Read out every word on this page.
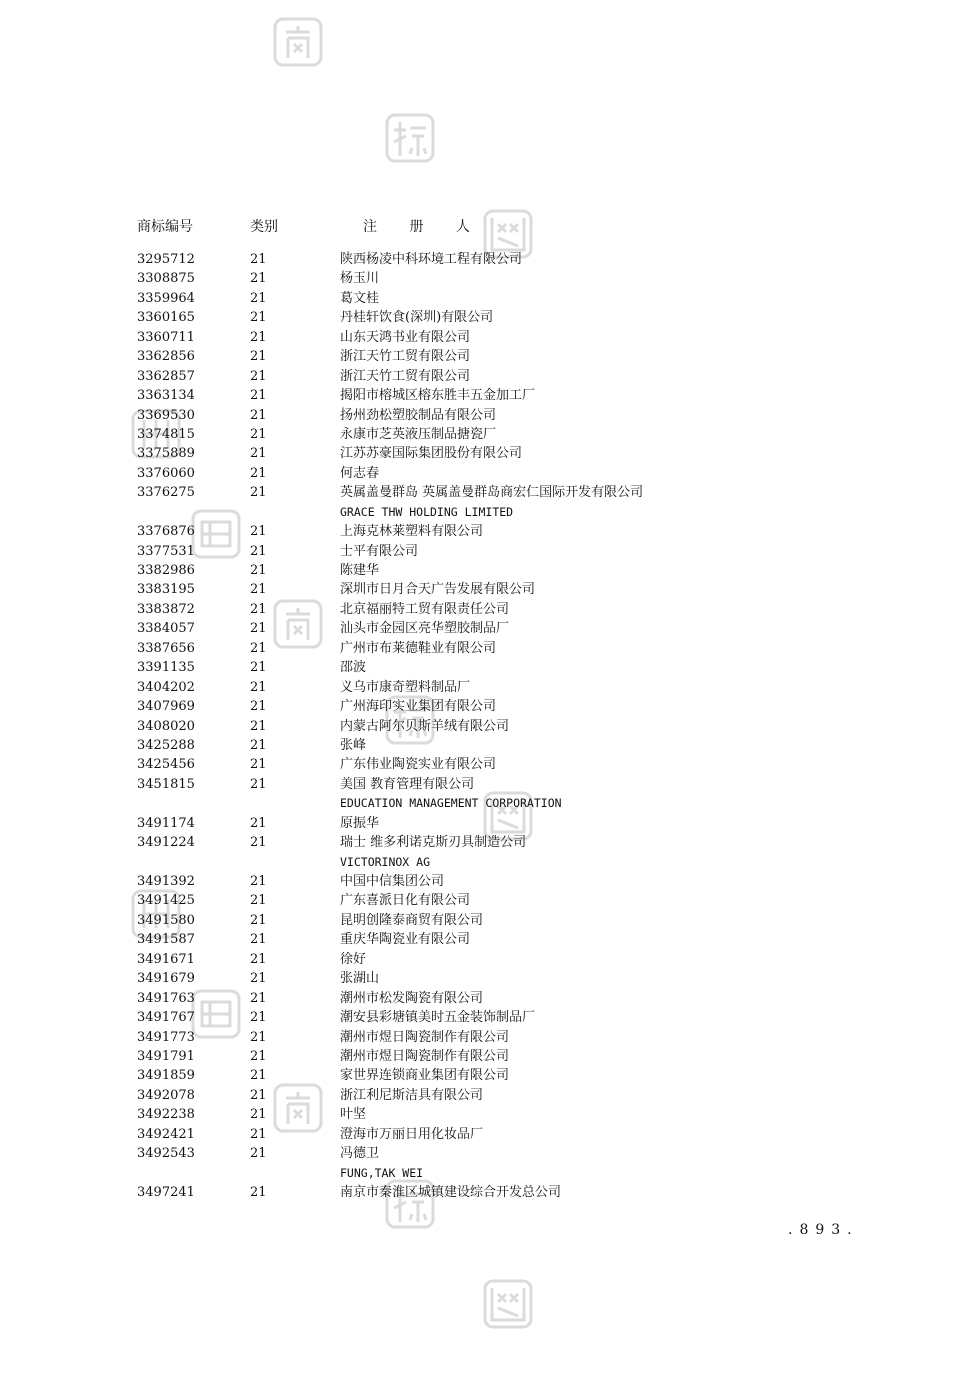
商标编号	类别	注 册 人
3295712	21	陕西杨凌中科环境工程有限公司
3308875	21	杨玉川
3359964	21	葛文桂
3360165	21	丹桂轩饮食(深圳)有限公司
3360711	21	山东天鸿书业有限公司
3362856	21	浙江天竹工贸有限公司
3362857	21	浙江天竹工贸有限公司
3363134	21	揭阳市榕城区榕东胜丰五金加工厂
3369530	21	扬州劲松塑胶制品有限公司
3374815	21	永康市芝英液压制品搪瓷厂
3375889	21	江苏苏豪国际集团股份有限公司
3376060	21	何志春
3376275	21	英属盖曼群岛 英属盖曼群岛商宏仁国际开发有限公司
GRACE THW HOLDING LIMITED
3376876	21	上海克林莱塑料有限公司
3377531	21	士平有限公司
3382986	21	陈建华
3383195	21	深圳市日月合天广告发展有限公司
3383872	21	北京福丽特工贸有限责任公司
3384057	21	汕头市金园区亮华塑胶制品厂
3387656	21	广州市布莱德鞋业有限公司
3391135	21	邵波
3404202	21	义乌市康奇塑料制品厂
3407969	21	广州海印实业集团有限公司
3408020	21	内蒙古阿尔贝斯羊绒有限公司
3425288	21	张峰
3425456	21	广东伟业陶瓷实业有限公司
3451815	21	美国 教育管理有限公司
EDUCATION MANAGEMENT CORPORATION
3491174	21	原振华
3491224	21	瑞士 维多利诺克斯刃具制造公司
VICTORINOX AG
3491392	21	中国中信集团公司
3491425	21	广东喜派日化有限公司
3491580	21	昆明创隆泰商贸有限公司
3491587	21	重庆华陶瓷业有限公司
3491671	21	徐好
3491679	21	张湖山
3491763	21	潮州市松发陶瓷有限公司
3491767	21	潮安县彩塘镇美时五金装饰制品厂
3491773	21	潮州市煜日陶瓷制作有限公司
3491791	21	潮州市煜日陶瓷制作有限公司
3491859	21	家世界连锁商业集团有限公司
3492078	21	浙江利尼斯洁具有限公司
3492238	21	叶坚
3492421	21	澄海市万丽日用化妆品厂
3492543	21	冯德卫
FUNG,TAK WEI
3497241	21	南京市秦淮区城镇建设综合开发总公司
.893.
